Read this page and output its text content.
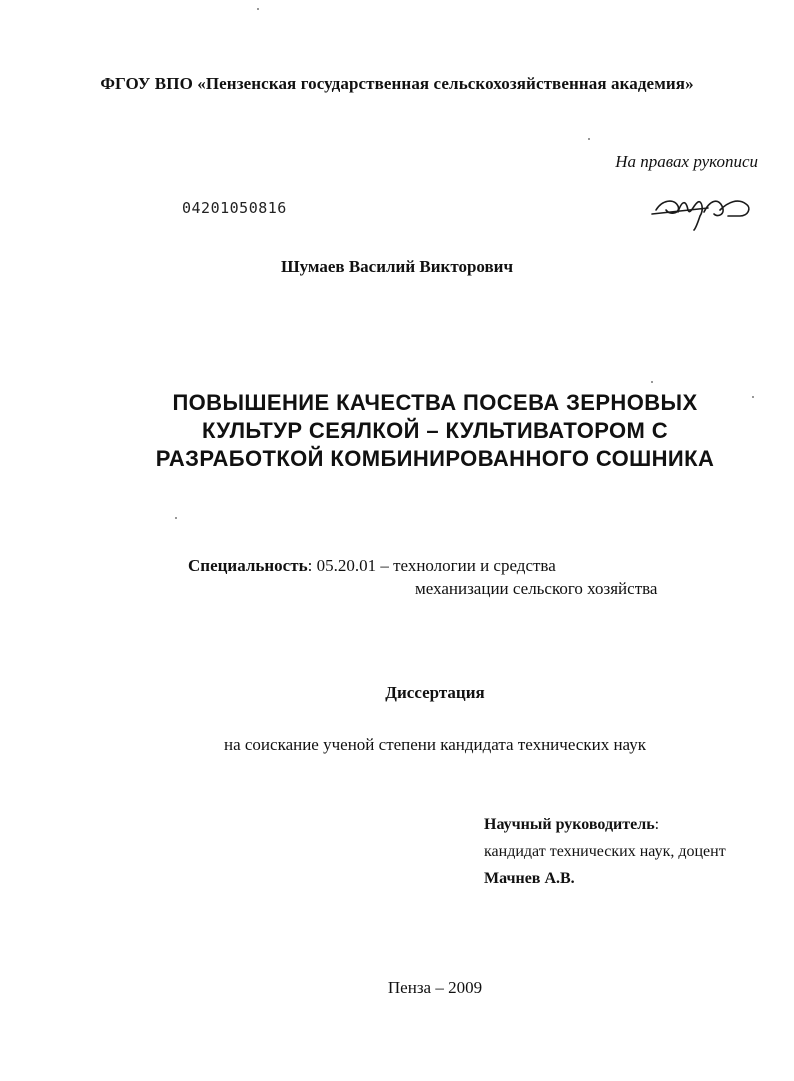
ФГОУ ВПО «Пензенская государственная сельскохозяйственная академия»
На правах рукописи
04201050816
Шумаев Василий Викторович
ПОВЫШЕНИЕ КАЧЕСТВА ПОСЕВА ЗЕРНОВЫХ
КУЛЬТУР СЕЯЛКОЙ – КУЛЬТИВАТОРОМ С
РАЗРАБОТКОЙ КОМБИНИРОВАННОГО СОШНИКА
Специальность: 05.20.01 – технологии и средства
механизации сельского хозяйства
Диссертация
на соискание ученой степени кандидата технических наук
Научный руководитель:
кандидат технических наук, доцент
Мачнев А.В.
Пенза – 2009
